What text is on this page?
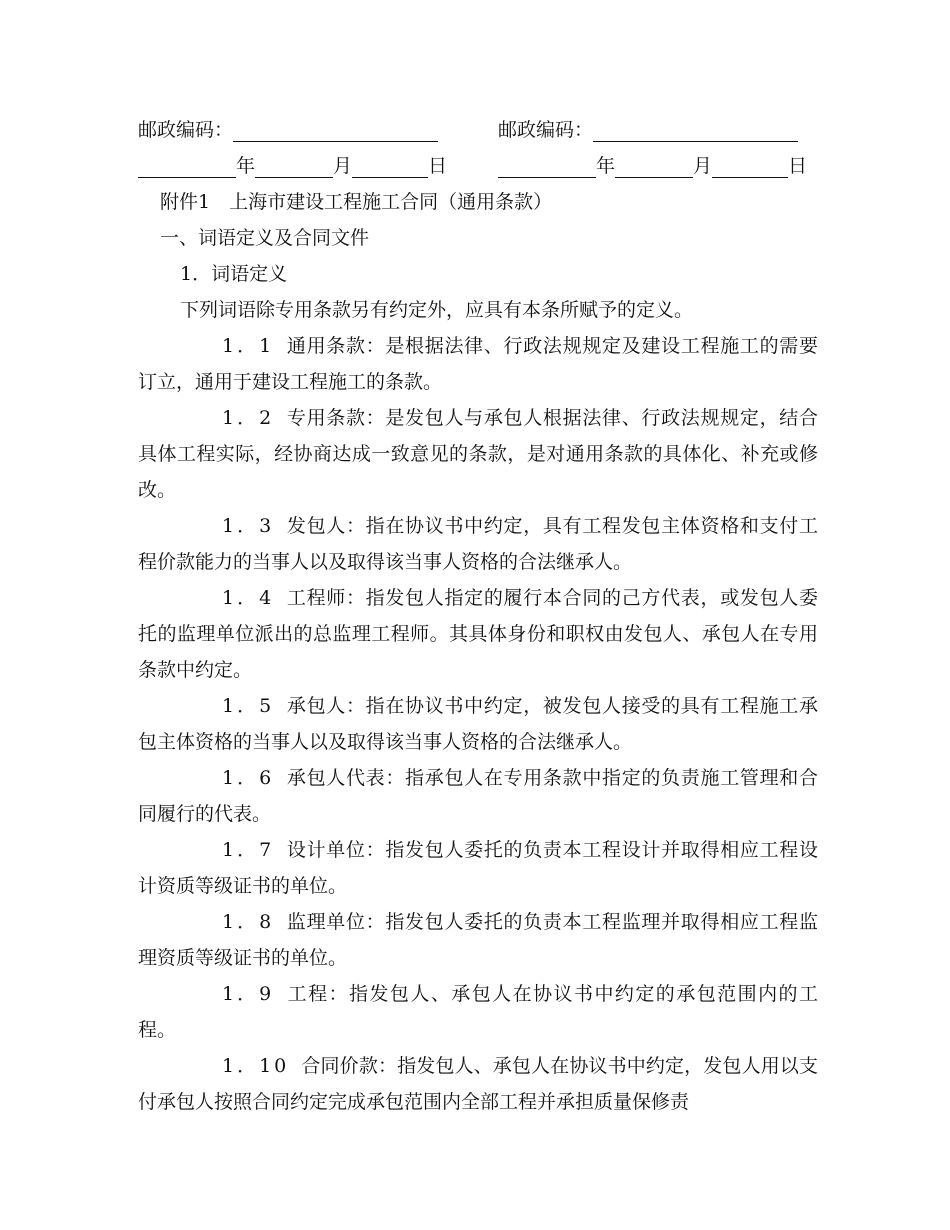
邮政编码：	邮政编码：
年	月	日	年	月	日
附件1　上海市建设工程施工合同（通用条款）
一、词语定义及合同文件
1．词语定义
下列词语除专用条款另有约定外，应具有本条所赋予的定义。
1．1 通用条款：是根据法律、行政法规规定及建设工程施工的需要订立，通用于建设工程施工的条款。
1．2 专用条款：是发包人与承包人根据法律、行政法规规定，结合具体工程实际，经协商达成一致意见的条款，是对通用条款的具体化、补充或修改。
1．3 发包人：指在协议书中约定，具有工程发包主体资格和支付工程价款能力的当事人以及取得该当事人资格的合法继承人。
1．4 工程师：指发包人指定的履行本合同的己方代表，或发包人委托的监理单位派出的总监理工程师。其具体身份和职权由发包人、承包人在专用条款中约定。
1．5 承包人：指在协议书中约定，被发包人接受的具有工程施工承包主体资格的当事人以及取得该当事人资格的合法继承人。
1．6 承包人代表：指承包人在专用条款中指定的负责施工管理和合同履行的代表。
1．7 设计单位：指发包人委托的负责本工程设计并取得相应工程设计资质等级证书的单位。
1．8 监理单位：指发包人委托的负责本工程监理并取得相应工程监理资质等级证书的单位。
1．9 工程：指发包人、承包人在协议书中约定的承包范围内的工程。
1．10 合同价款：指发包人、承包人在协议书中约定，发包人用以支付承包人按照合同约定完成承包范围内全部工程并承担质量保修责
